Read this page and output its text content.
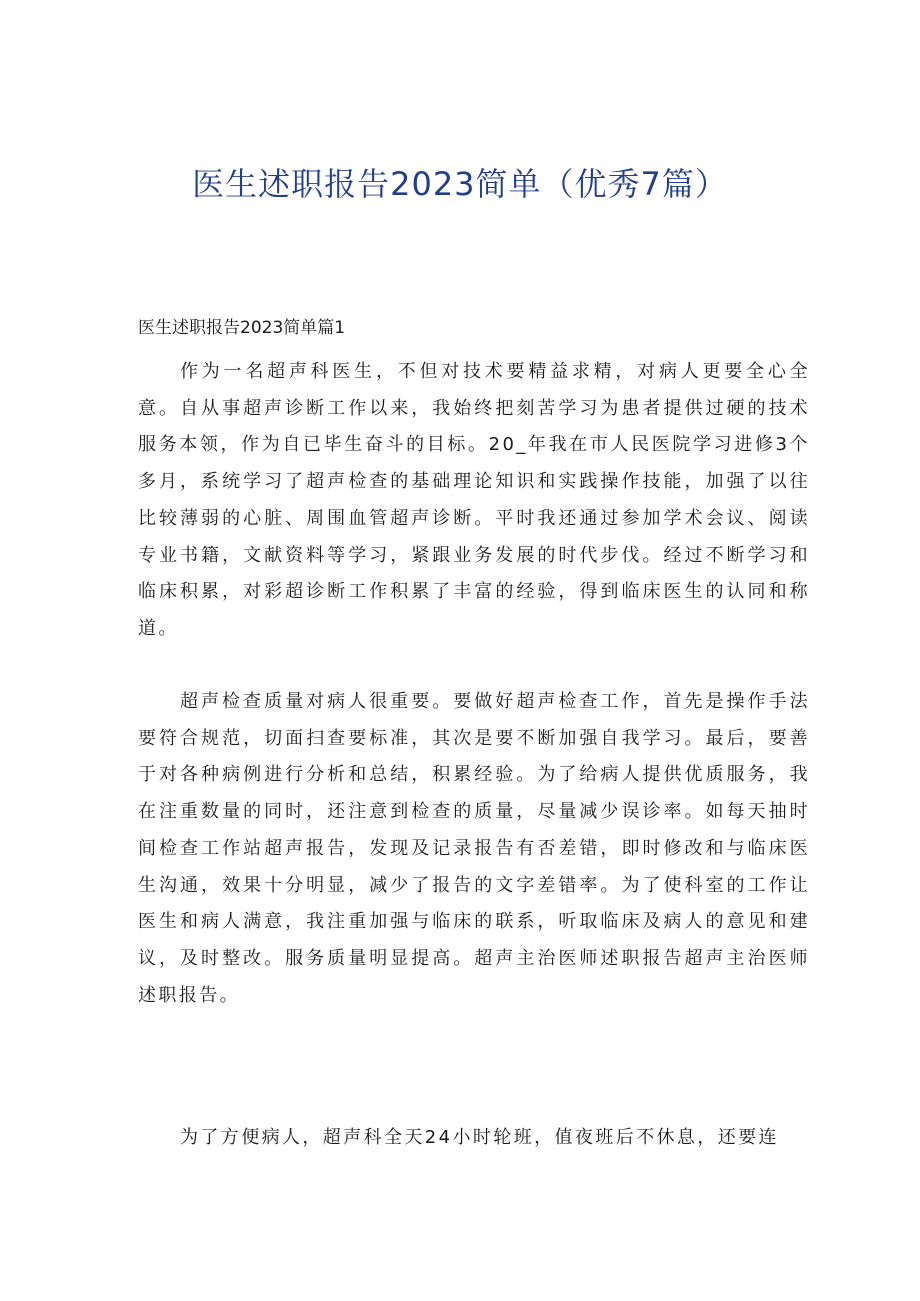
医生述职报告2023简单（优秀7篇）
医生述职报告2023简单篇1

作为一名超声科医生，不但对技术要精益求精，对病人更要全心全意。自从事超声诊断工作以来，我始终把刻苦学习为患者提供过硬的技术服务本领，作为自已毕生奋斗的目标。20_年我在市人民医院学习进修3个多月，系统学习了超声检查的基础理论知识和实践操作技能，加强了以往比较薄弱的心脏、周围血管超声诊断。平时我还通过参加学术会议、阅读专业书籍，文献资料等学习，紧跟业务发展的时代步伐。经过不断学习和临床积累，对彩超诊断工作积累了丰富的经验，得到临床医生的认同和称道。

超声检查质量对病人很重要。要做好超声检查工作，首先是操作手法要符合规范，切面扫查要标准，其次是要不断加强自我学习。最后，要善于对各种病例进行分析和总结，积累经验。为了给病人提供优质服务，我在注重数量的同时，还注意到检查的质量，尽量减少误诊率。如每天抽时间检查工作站超声报告，发现及记录报告有否差错，即时修改和与临床医生沟通，效果十分明显，减少了报告的文字差错率。为了使科室的工作让医生和病人满意，我注重加强与临床的联系，听取临床及病人的意见和建议，及时整改。服务质量明显提高。超声主治医师述职报告超声主治医师述职报告。

为了方便病人，超声科全天24小时轮班，值夜班后不休息，还要连
